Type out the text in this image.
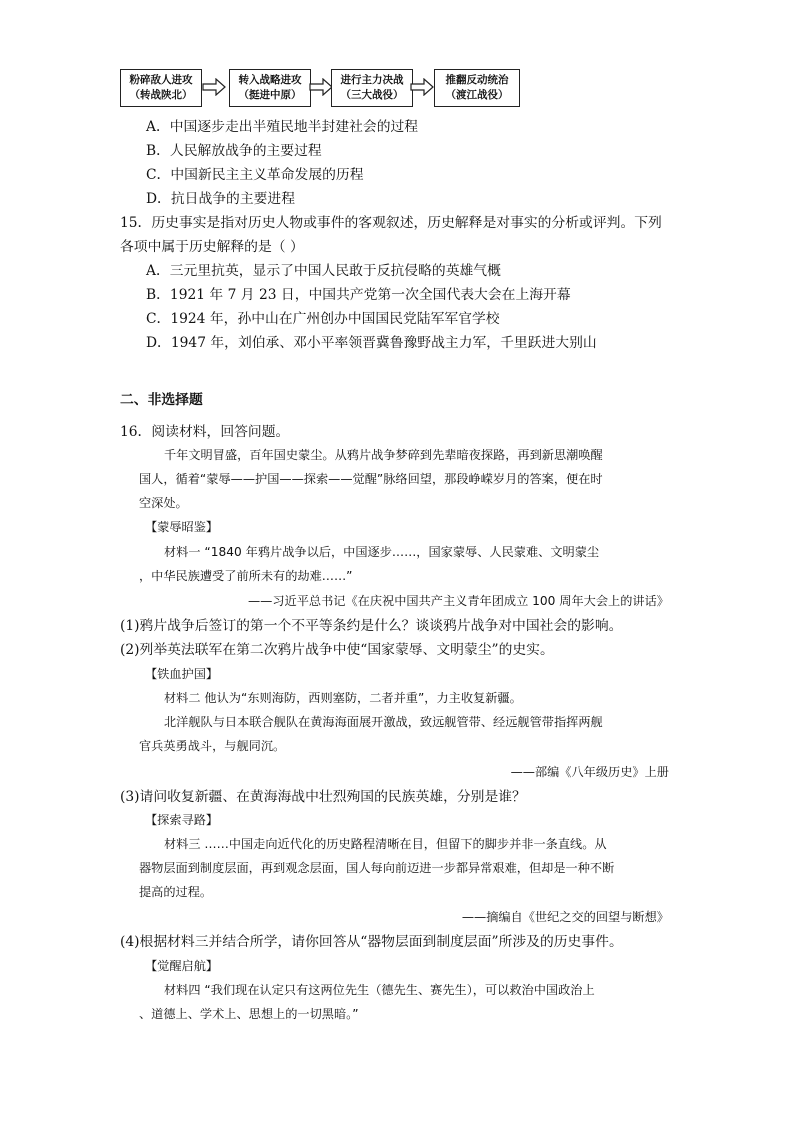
粉碎敌人进攻
（转战陕北）
转入战略进攻
（挺进中原）
进行主力决战
（三大战役）
推翻反动统治
（渡江战役）
A．中国逐步走出半殖民地半封建社会的过程
B．人民解放战争的主要过程
C．中国新民主主义革命发展的历程
D．抗日战争的主要进程
15．历史事实是指对历史人物或事件的客观叙述，历史解释是对事实的分析或评判。下列
各项中属于历史解释的是（ ）
A．三元里抗英，显示了中国人民敢于反抗侵略的英雄气概
B．1921 年 7 月 23 日，中国共产党第一次全国代表大会在上海开幕
C．1924 年，孙中山在广州创办中国国民党陆军军官学校
D．1947 年，刘伯承、邓小平率领晋冀鲁豫野战主力军，千里跃进大别山
二、非选择题
16．阅读材料，回答问题。
千年文明冒盛，百年国史蒙尘。从鸦片战争梦碎到先辈暗夜探路，再到新思潮唤醒
国人，循着“蒙辱——护国——探索——觉醒”脉络回望，那段峥嵘岁月的答案，便在时
空深处。
【蒙辱昭鉴】
材料一 “1840 年鸦片战争以后，中国逐步……，国家蒙辱、人民蒙难、文明蒙尘
，中华民族遭受了前所未有的劫难……”
——习近平总书记《在庆祝中国共产主义青年团成立 100 周年大会上的讲话》
(1)鸦片战争后签订的第一个不平等条约是什么？谈谈鸦片战争对中国社会的影响。
(2)列举英法联军在第二次鸦片战争中使“国家蒙辱、文明蒙尘”的史实。
【铁血护国】
材料二 他认为“东则海防，西则塞防，二者并重”，力主收复新疆。
北洋舰队与日本联合舰队在黄海海面展开激战，致远舰管带、经远舰管带指挥两舰
官兵英勇战斗，与舰同沉。
——部编《八年级历史》上册
(3)请问收复新疆、在黄海海战中壮烈殉国的民族英雄，分别是谁？
【探索寻路】
材料三 ……中国走向近代化的历史路程清晰在目，但留下的脚步并非一条直线。从
器物层面到制度层面，再到观念层面，国人每向前迈进一步都异常艰难，但却是一种不断
提高的过程。
——摘编自《世纪之交的回望与断想》
(4)根据材料三并结合所学，请你回答从“器物层面到制度层面”所涉及的历史事件。
【觉醒启航】
材料四 “我们现在认定只有这两位先生（德先生、赛先生），可以救治中国政治上
、道德上、学术上、思想上的一切黑暗。”
